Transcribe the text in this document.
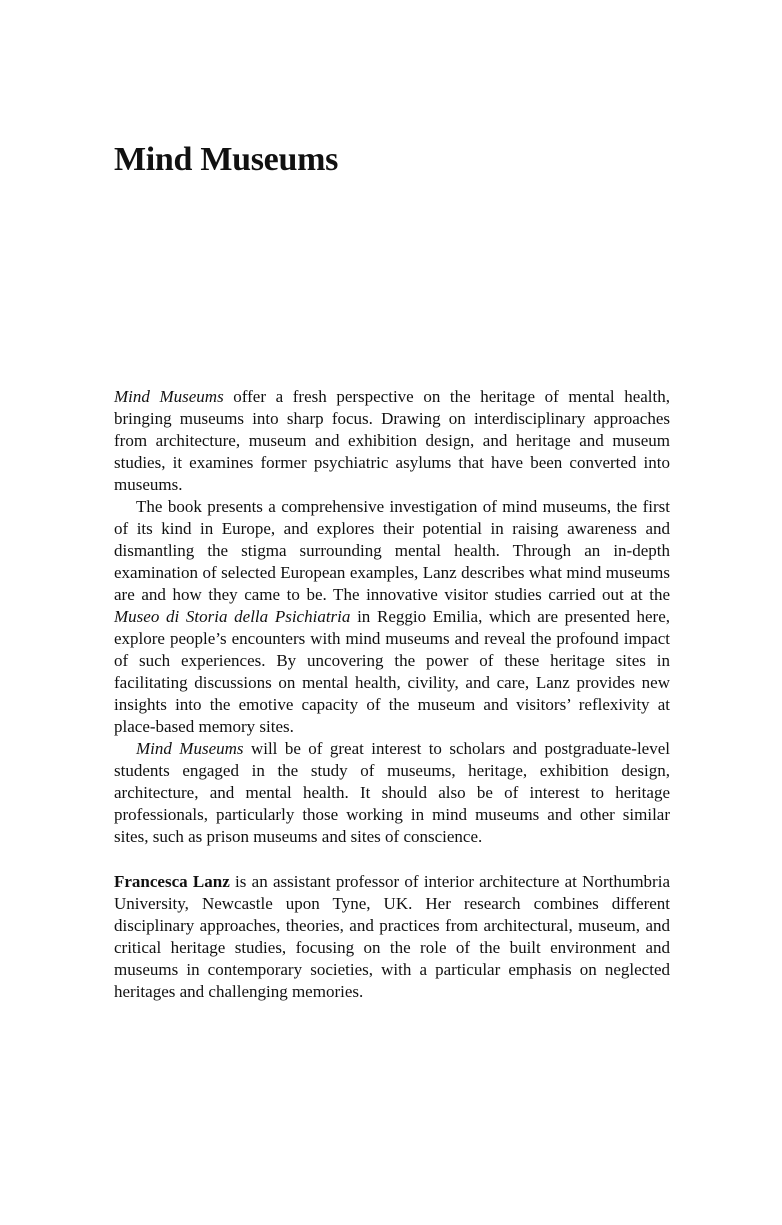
Mind Museums

Mind Museums offer a fresh perspective on the heritage of mental health, bringing museums into sharp focus. Drawing on interdisciplinary approaches from architecture, museum and exhibition design, and heritage and museum studies, it examines former psychiatric asylums that have been converted into museums.

The book presents a comprehensive investigation of mind museums, the first of its kind in Europe, and explores their potential in raising awareness and dismantling the stigma surrounding mental health. Through an in-depth examination of selected European examples, Lanz describes what mind museums are and how they came to be. The innovative visitor studies carried out at the Museo di Storia della Psichiatria in Reggio Emilia, which are presented here, explore people’s encounters with mind museums and reveal the profound impact of such experiences. By uncovering the power of these heritage sites in facilitating discussions on mental health, civility, and care, Lanz provides new insights into the emotive capacity of the museum and visitors’ reflexivity at place-based memory sites.

Mind Museums will be of great interest to scholars and postgraduate-level students engaged in the study of museums, heritage, exhibition design, architecture, and mental health. It should also be of interest to heritage professionals, particularly those working in mind museums and other similar sites, such as prison museums and sites of conscience.

Francesca Lanz is an assistant professor of interior architecture at Northumbria University, Newcastle upon Tyne, UK. Her research combines different disciplinary approaches, theories, and practices from architectural, museum, and critical heritage studies, focusing on the role of the built environment and museums in contemporary societies, with a particular emphasis on neglected heritages and challenging memories.
